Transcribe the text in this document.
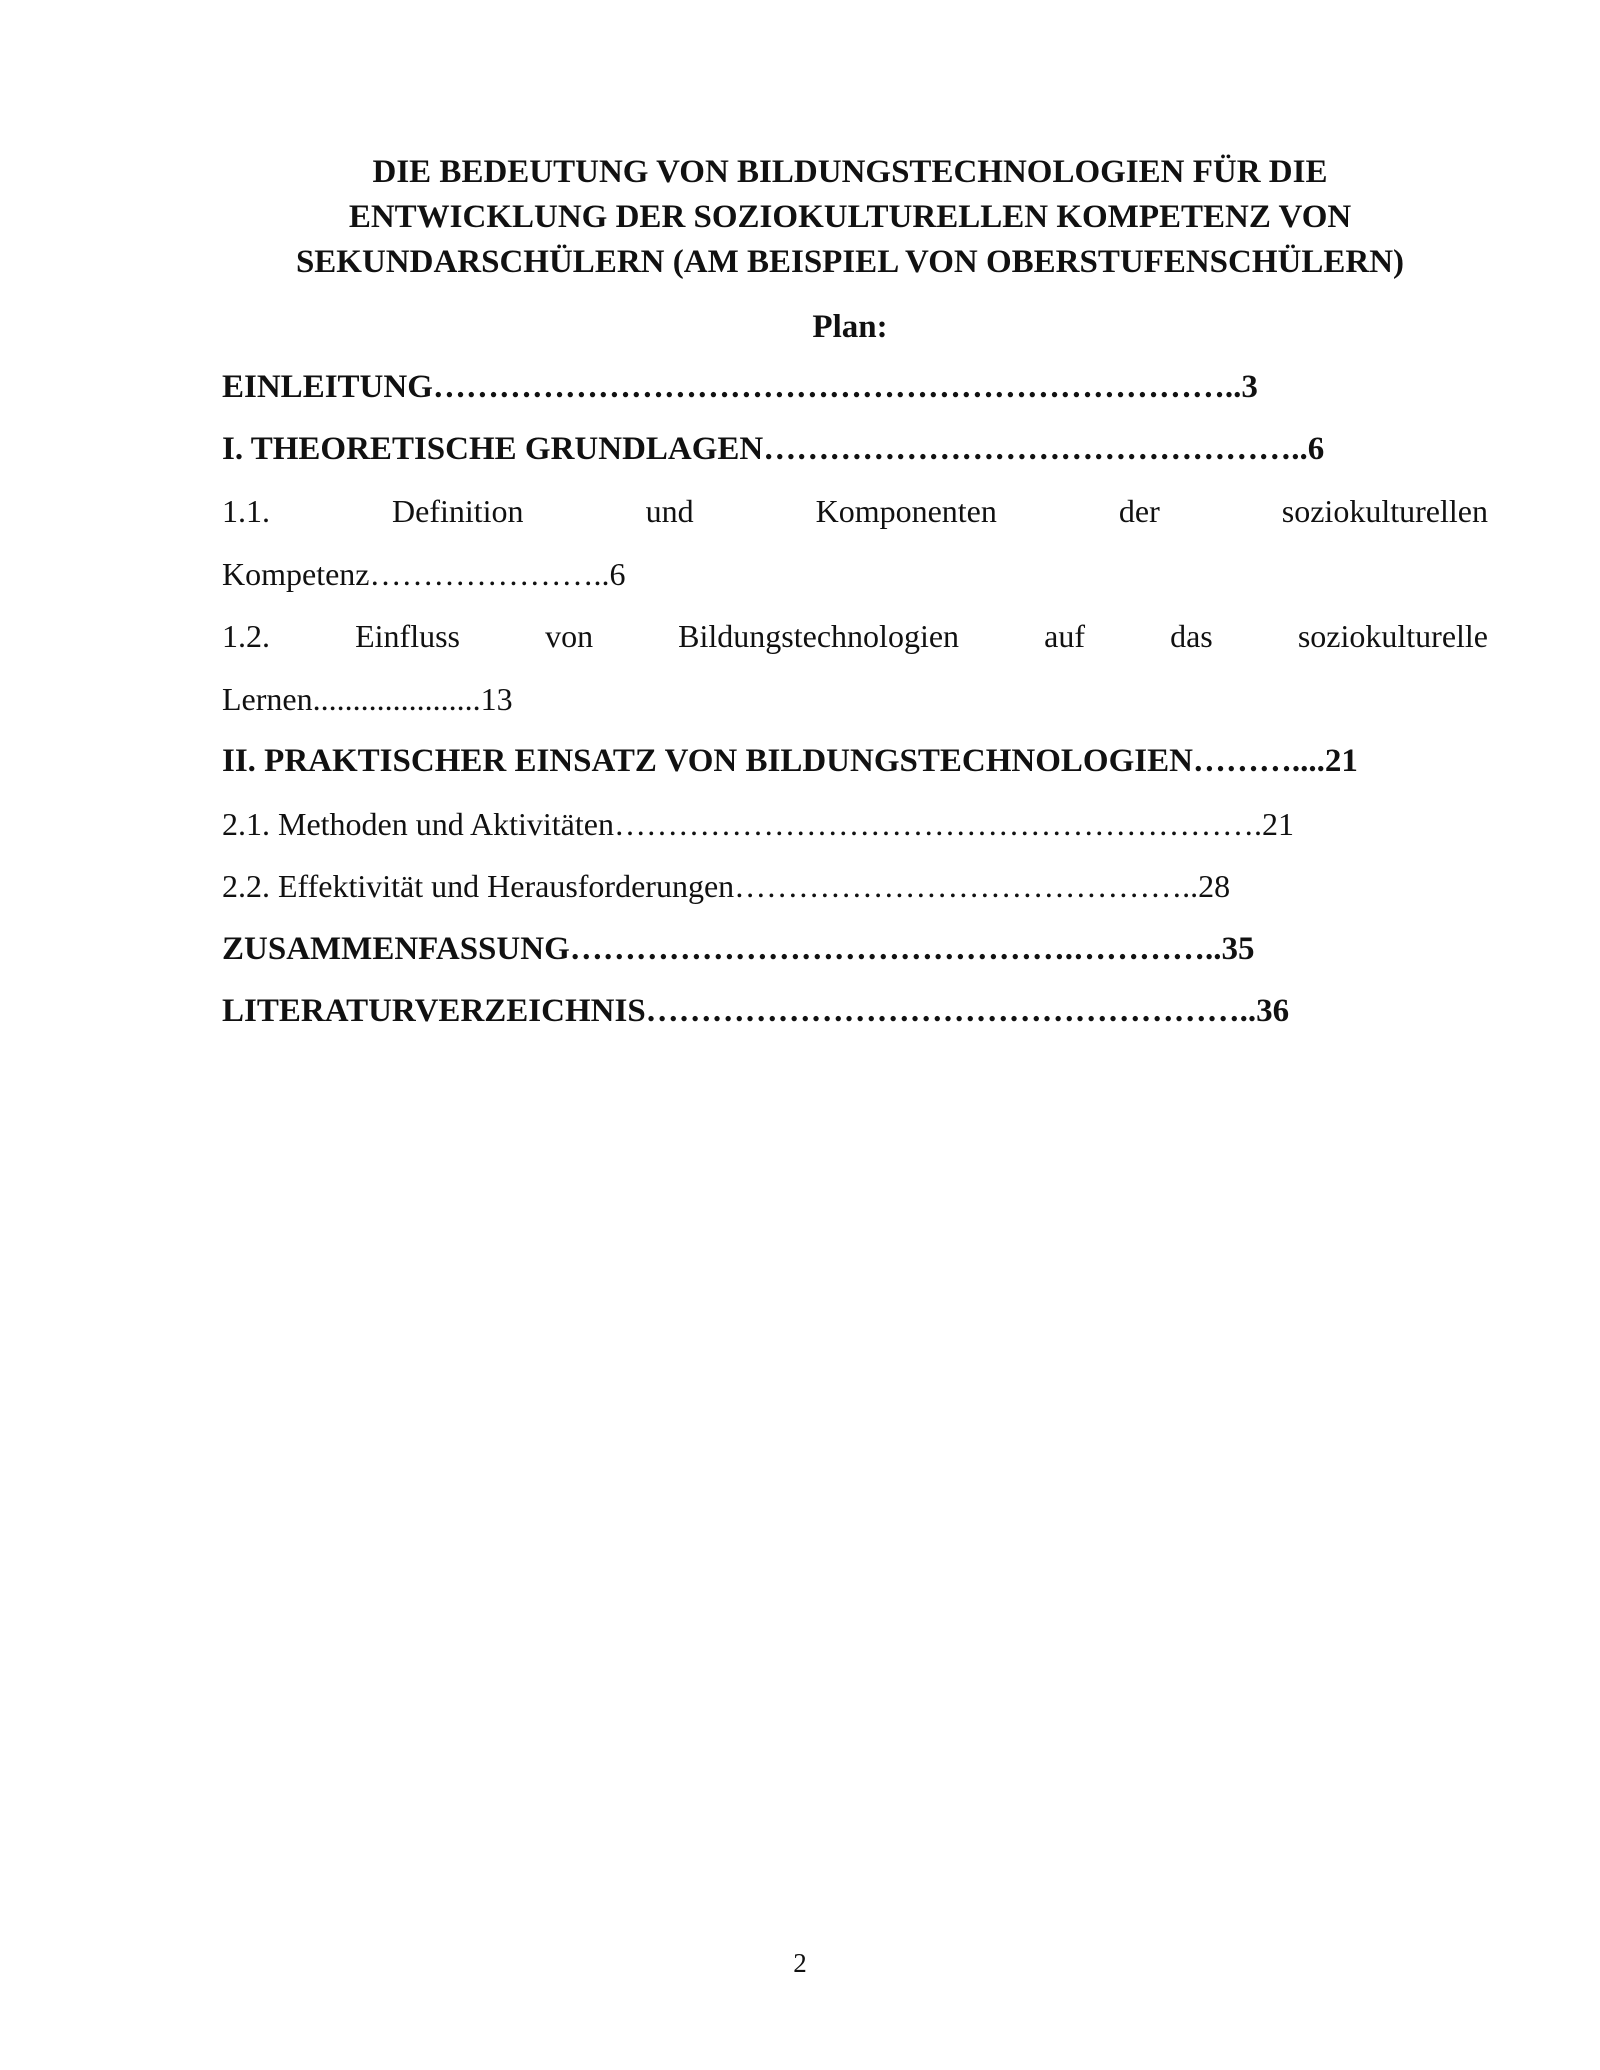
DIE BEDEUTUNG VON BILDUNGSTECHNOLOGIEN FÜR DIE
ENTWICKLUNG DER SOZIOKULTURELLEN KOMPETENZ VON
SEKUNDARSCHÜLERN (AM BEISPIEL VON OBERSTUFENSCHÜLERN)
Plan:
EINLEITUNG………………………………………………………………..3
I. THEORETISCHE GRUNDLAGEN…………………………………………..6
1.1.	Definition	und	Komponenten	der	soziokulturellen
Kompetenz…………………..6
1.2.	Einfluss	von	Bildungstechnologien	auf	das	soziokulturelle
Lernen.....................13
II. PRAKTISCHER EINSATZ VON BILDUNGSTECHNOLOGIEN………....21
2.1. Methoden und Aktivitäten…………………………………………………….21
2.2. Effektivität und Herausforderungen……………………………………..28
ZUSAMMENFASSUNG……………………………………….…………..35
LITERATURVERZEICHNIS………………………………………………..36
2
